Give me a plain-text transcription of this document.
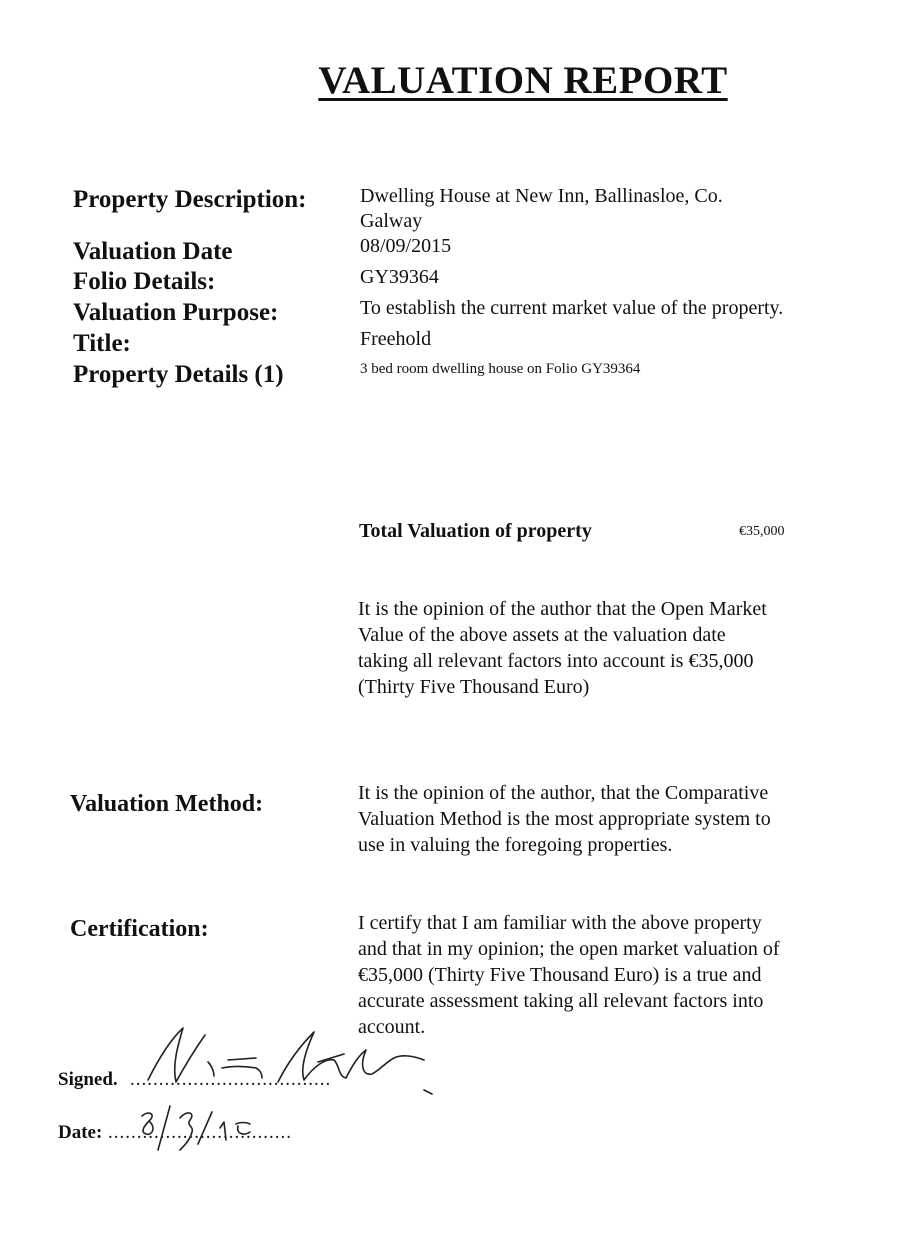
VALUATION REPORT
Property Description:	Dwelling House at New Inn, Ballinasloe, Co.
Galway
Valuation Date	08/09/2015
Folio Details:	GY39364
Valuation Purpose:	To establish the current market value of the property.
Title:	Freehold
Property Details (1)	3 bed room dwelling house on Folio GY39364
Total Valuation of property	€35,000
It is the opinion of the author that the Open Market
Value of the above assets at the valuation date
taking all relevant factors into account is €35,000
(Thirty Five Thousand Euro)
Valuation Method:	It is the opinion of the author, that the Comparative
Valuation Method is the most appropriate system to
use in valuing the foregoing properties.
Certification:	I certify that I am familiar with the above property
and that in my opinion; the open market valuation of
€35,000 (Thirty Five Thousand Euro) is a true and
accurate assessment taking all relevant factors into
account.
Signed. ...................................
Date: ................................
